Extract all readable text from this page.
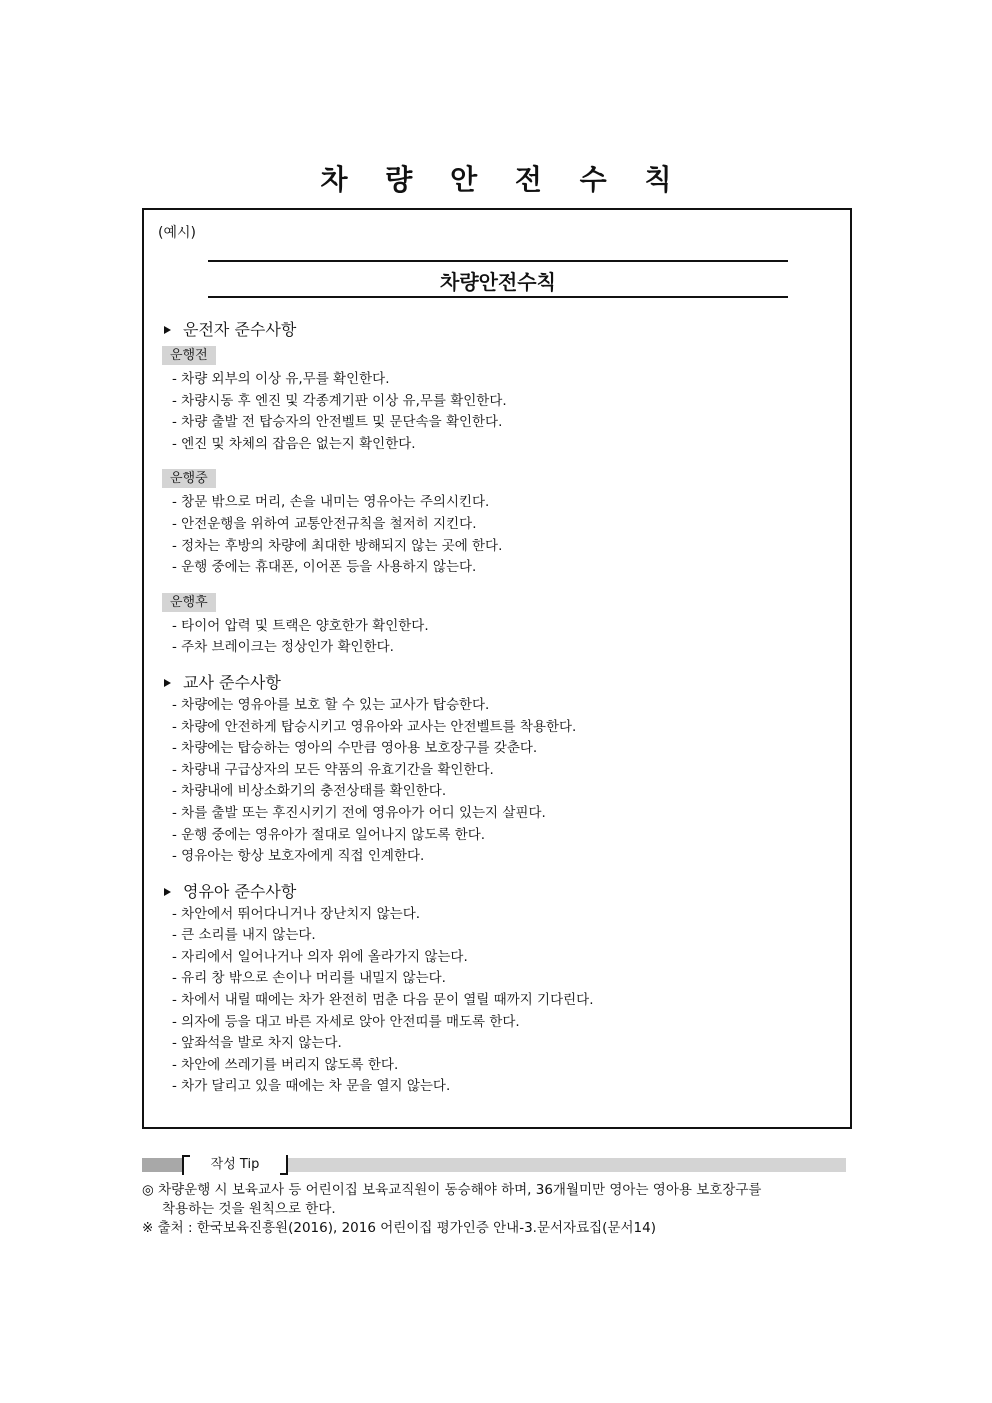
차 량 안 전 수 칙
(예시)
차량안전수칙
운전자 준수사항
운행전
- 차량 외부의 이상 유,무를 확인한다.
- 차량시동 후 엔진 및 각종계기판 이상 유,무를 확인한다.
- 차량 출발 전 탑승자의 안전벨트 및 문단속을 확인한다.
- 엔진 및 차체의 잡음은 없는지 확인한다.
운행중
- 창문 밖으로 머리, 손을 내미는 영유아는 주의시킨다.
- 안전운행을 위하여 교통안전규칙을 철저히 지킨다.
- 정차는 후방의 차량에 최대한 방해되지 않는 곳에 한다.
- 운행 중에는 휴대폰, 이어폰 등을 사용하지 않는다.
운행후
- 타이어 압력 및 트랙은 양호한가 확인한다.
- 주차 브레이크는 정상인가 확인한다.
교사 준수사항
- 차량에는 영유아를 보호 할 수 있는 교사가 탑승한다.
- 차량에 안전하게 탑승시키고 영유아와 교사는 안전벨트를 착용한다.
- 차량에는 탑승하는 영아의 수만큼 영아용 보호장구를 갖춘다.
- 차량내 구급상자의 모든 약품의 유효기간을 확인한다.
- 차량내에 비상소화기의 충전상태를 확인한다.
- 차를 출발 또는 후진시키기 전에 영유아가 어디 있는지 살핀다.
- 운행 중에는 영유아가 절대로 일어나지 않도록 한다.
- 영유아는 항상 보호자에게 직접 인계한다.
영유아 준수사항
- 차안에서 뛰어다니거나 장난치지 않는다.
- 큰 소리를 내지 않는다.
- 자리에서 일어나거나 의자 위에 올라가지 않는다.
- 유리 창 밖으로 손이나 머리를 내밀지 않는다.
- 차에서 내릴 때에는 차가 완전히 멈춘 다음 문이 열릴 때까지 기다린다.
- 의자에 등을 대고 바른 자세로 앉아 안전띠를 매도록 한다.
- 앞좌석을 발로 차지 않는다.
- 차안에 쓰레기를 버리지 않도록 한다.
- 차가 달리고 있을 때에는 차 문을 열지 않는다.
작성 Tip
◎ 차량운행 시 보육교사 등 어린이집 보육교직원이 동승해야 하며, 36개월미만 영아는 영아용 보호장구를
착용하는 것을 원칙으로 한다.
※ 출처 : 한국보육진흥원(2016), 2016 어린이집 평가인증 안내-3.문서자료집(문서14)
